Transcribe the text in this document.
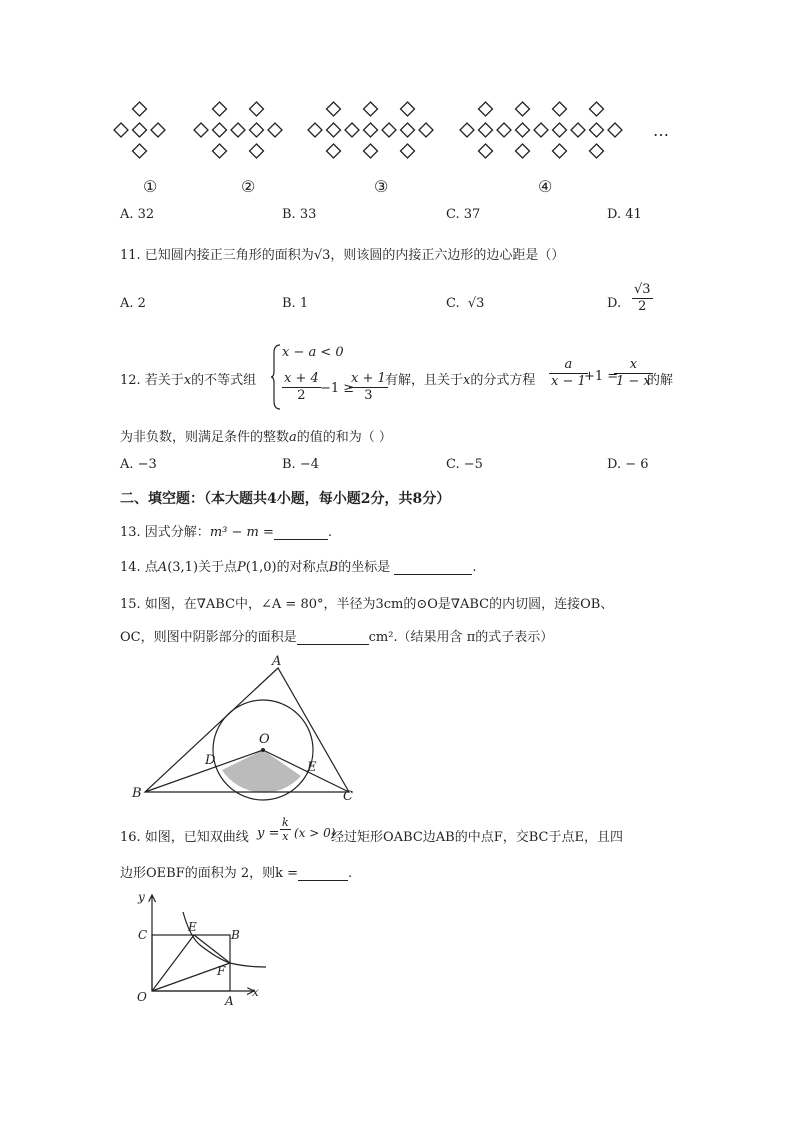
…
①	②	③	④
A. 32	B. 33	C. 37	D. 41
11. 已知圆内接正三角形的面积为√3，则该圆的内接正六边形的边心距是（）
A. 2	B. 1	C. √3	D. $\frac{√3}{2}$
12. 若关于x的不等式组
x − a < 0
$\frac{x + 4}{2} -1$ ≥
$\frac{x + 1}{3}$
有解，且关于x的分式方程 $\frac{a}{x - 1}$
+1 =
$\frac{x}{1 - x}$
的解
为非负数，则满足条件的整数a的值的和为（ ）
A. −3	B. −4	C. −5	D. − 6
二、填空题：（本大题共4小题，每小题2分，共8分）
13. 因式分解：m³ − m =	.
14. 点A(3,1)关于点P(1,0)的对称点B的坐标是	.
15. 如图，在∇ABC中，∠A = 80°，半径为3cm的⊙O是∇ABC的内切圆，连接OB、
OC，则图中阴影部分的面积是	cm².（结果用含 π的式子表示）
A
B	C
O
D	E
16. 如图，已知双曲线 $y = \frac{k}{x} (x > 0)$
经过矩形OABC边AB的中点F，交BC于点E，且四
边形OEBF的面积为 2，则k =	.
y
x
C
E
B
F
O	A
